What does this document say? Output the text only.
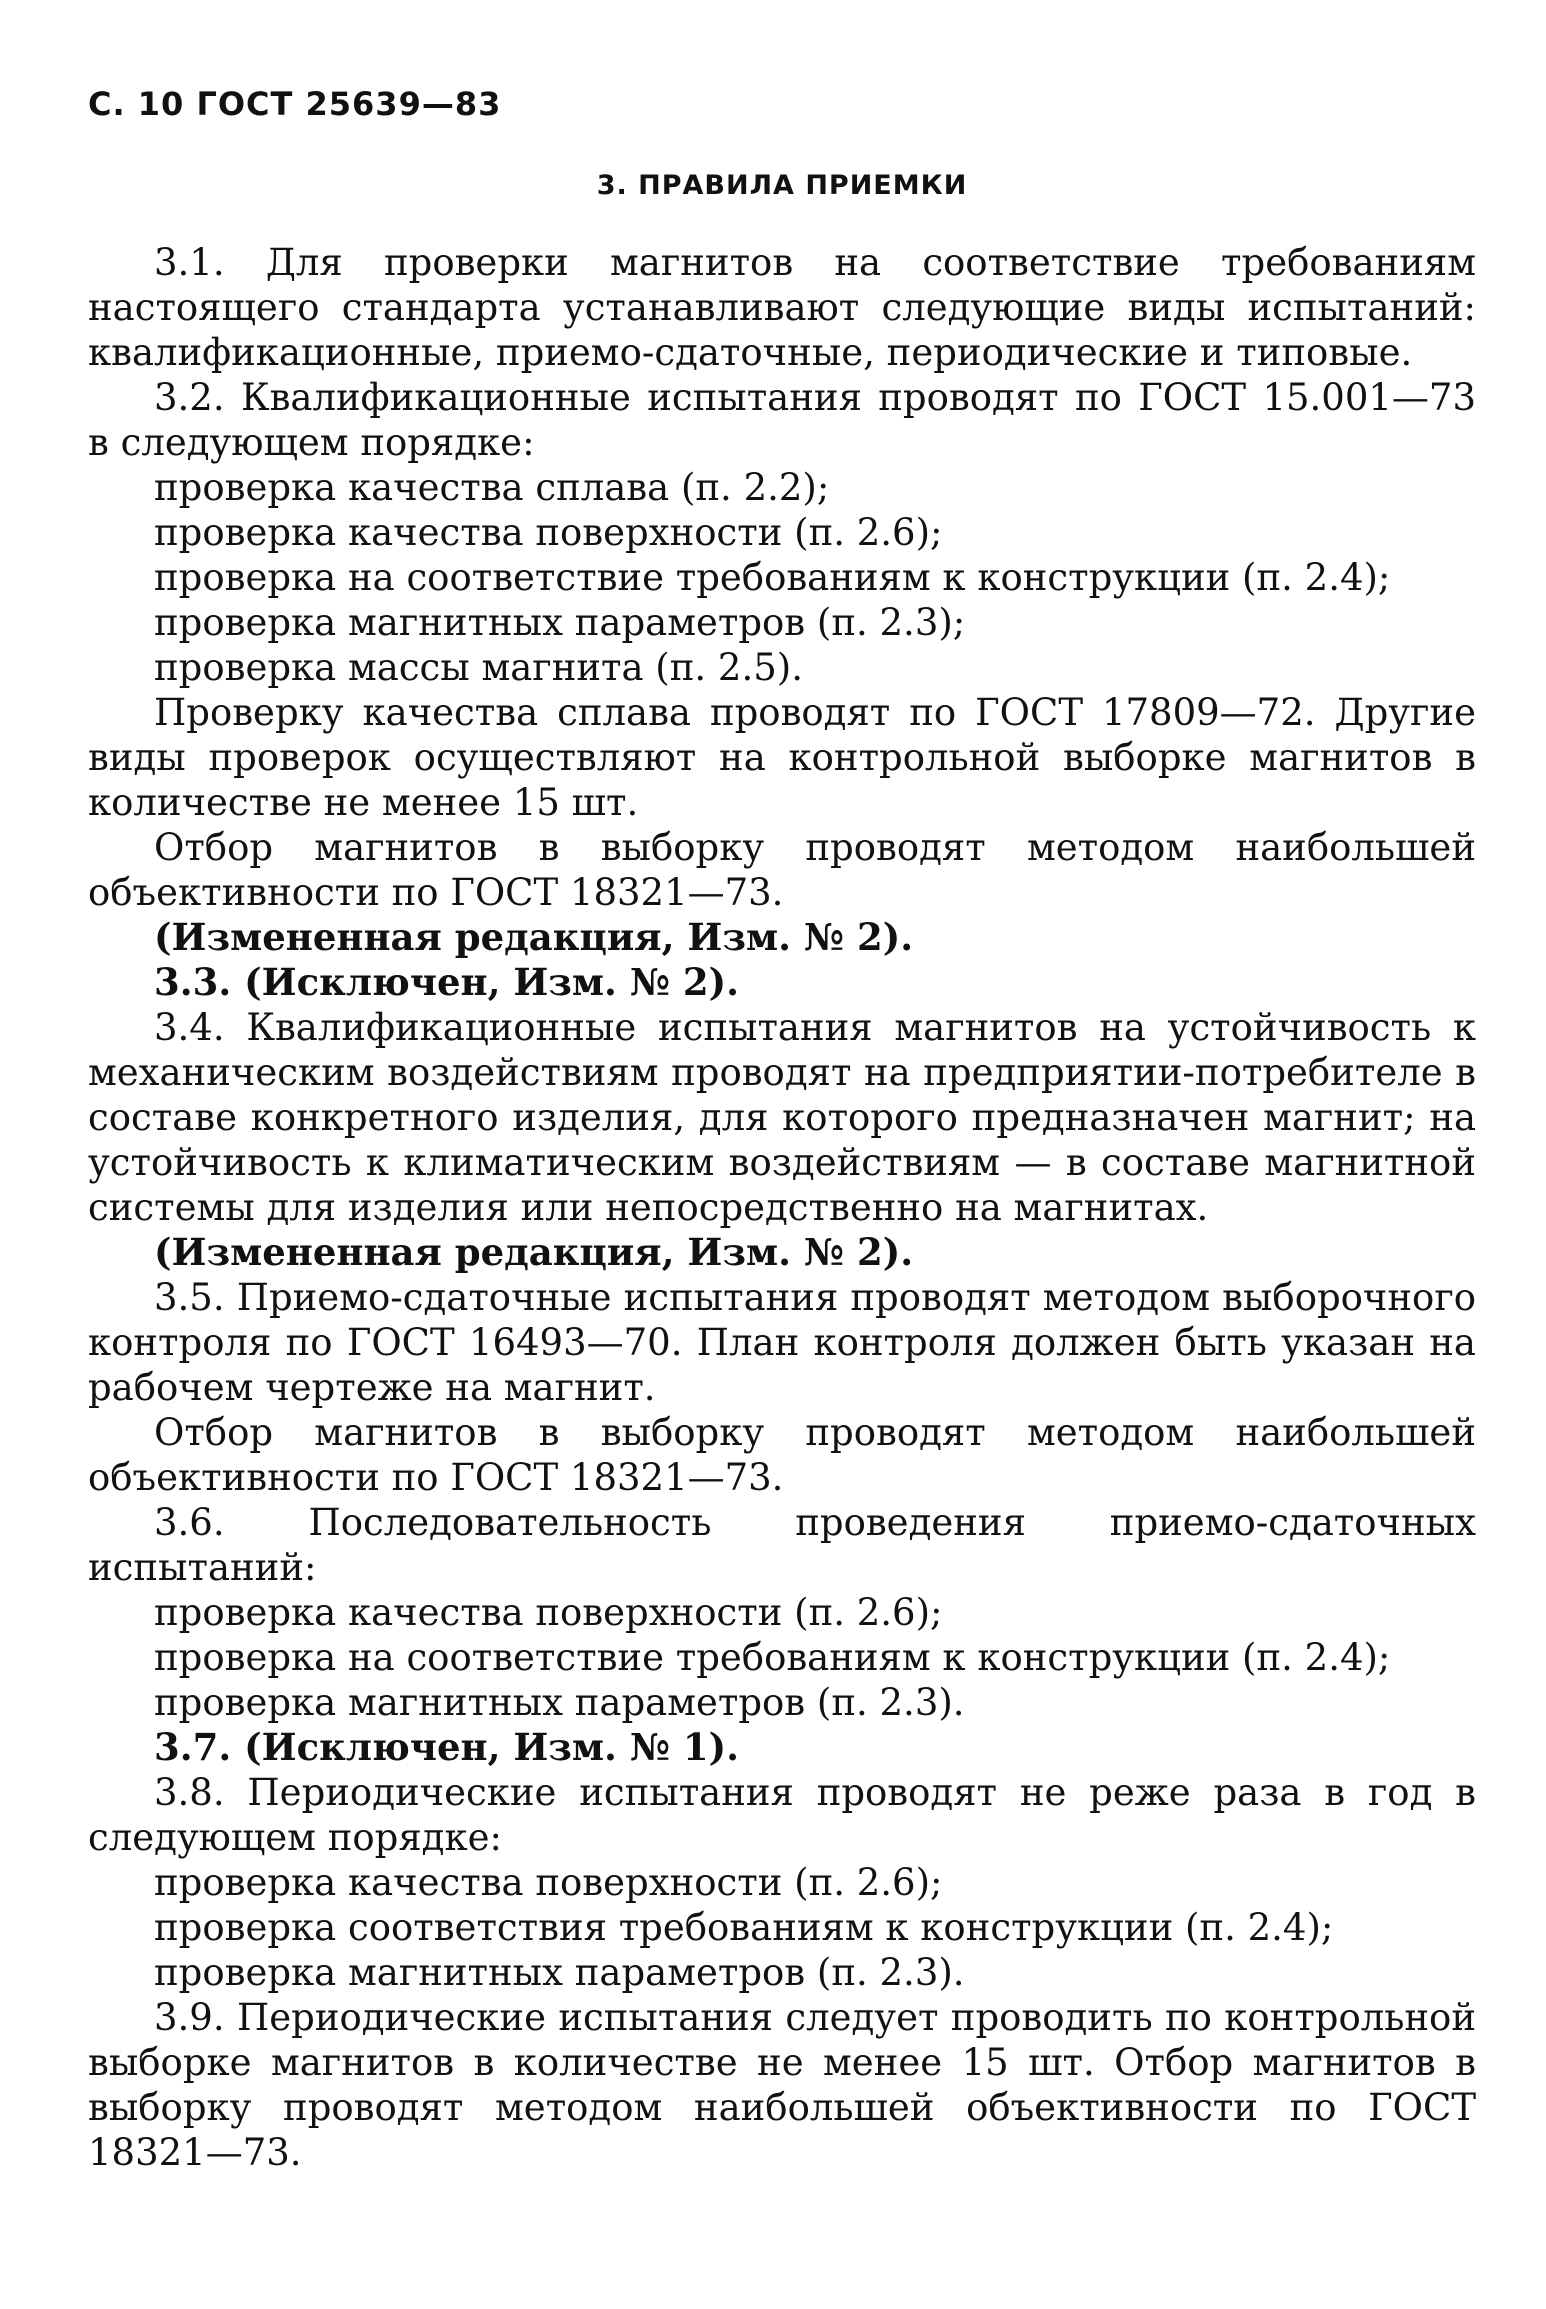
С. 10 ГОСТ 25639—83
3. ПРАВИЛА ПРИЕМКИ

3.1. Для проверки магнитов на соответствие требованиям настоящего стандарта устанавливают следующие виды испытаний: квалификационные, приемо-сдаточные, периодические и типовые.

3.2. Квалификационные испытания проводят по ГОСТ 15.001—73 в следующем порядке:

проверка качества сплава (п. 2.2);

проверка качества поверхности (п. 2.6);

проверка на соответствие требованиям к конструкции (п. 2.4);

проверка магнитных параметров (п. 2.3);

проверка массы магнита (п. 2.5).

Проверку качества сплава проводят по ГОСТ 17809—72. Другие виды проверок осуществляют на контрольной выборке магнитов в количестве не менее 15 шт.

Отбор магнитов в выборку проводят методом наибольшей объективности по ГОСТ 18321—73.

(Измененная редакция, Изм. № 2).

3.3. (Исключен, Изм. № 2).

3.4. Квалификационные испытания магнитов на устойчивость к механическим воздействиям проводят на предприятии-потребителе в составе конкретного изделия, для которого предназначен магнит; на устойчивость к климатическим воздействиям — в составе магнитной системы для изделия или непосредственно на магнитах.

(Измененная редакция, Изм. № 2).

3.5. Приемо-сдаточные испытания проводят методом выборочного контроля по ГОСТ 16493—70. План контроля должен быть указан на рабочем чертеже на магнит.

Отбор магнитов в выборку проводят методом наибольшей объективности по ГОСТ 18321—73.

3.6. Последовательность проведения приемо-сдаточных испытаний:

проверка качества поверхности (п. 2.6);

проверка на соответствие требованиям к конструкции (п. 2.4);

проверка магнитных параметров (п. 2.3).

3.7. (Исключен, Изм. № 1).

3.8. Периодические испытания проводят не реже раза в год в следующем порядке:

проверка качества поверхности (п. 2.6);

проверка соответствия требованиям к конструкции (п. 2.4);

проверка магнитных параметров (п. 2.3).

3.9. Периодические испытания следует проводить по контрольной выборке магнитов в количестве не менее 15 шт. Отбор магнитов в выборку проводят методом наибольшей объективности по ГОСТ 18321—73.
